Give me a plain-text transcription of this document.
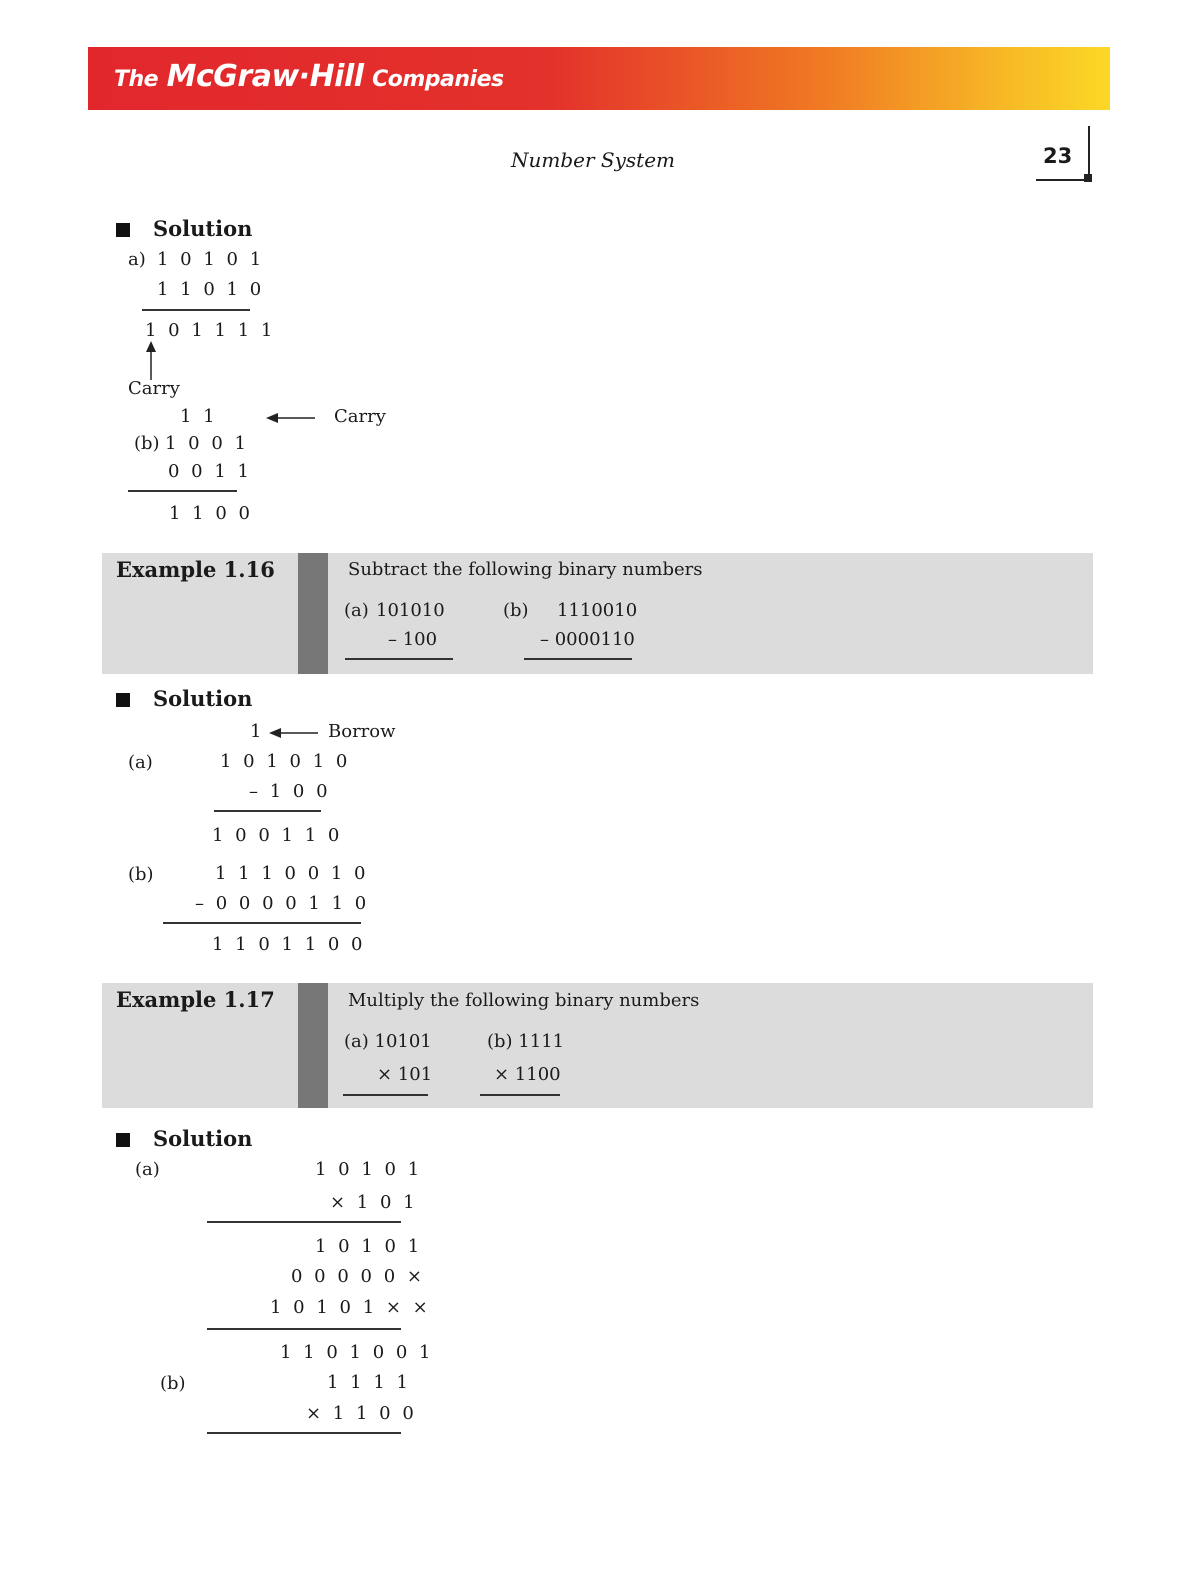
The McGraw·Hill Companies
Number System	23
Solution
a) 1 0 1 0 1
1 1 0 1 0
1 0 1 1 1 1
Carry
1 1	Carry
(b) 1 0 0 1
0 0 1 1
1 1 0 0
Example 1.16	Subtract the following binary numbers
(a) 101010
– 100
(b) 1110010
– 0000110
Solution
1	Borrow
(a)	1 0 1 0 1 0
– 1 0 0
1 0 0 1 1 0
(b)	1 1 1 0 0 1 0
– 0 0 0 0 1 1 0
1 1 0 1 1 0 0
Example 1.17	Multiply the following binary numbers
(a) 10101
× 101
(b) 1111
× 1100
Solution
(a)	1 0 1 0 1
× 1 0 1
1 0 1 0 1
0 0 0 0 0 ×
1 0 1 0 1 × ×
1 1 0 1 0 0 1
(b)	1 1 1 1
× 1 1 0 0
